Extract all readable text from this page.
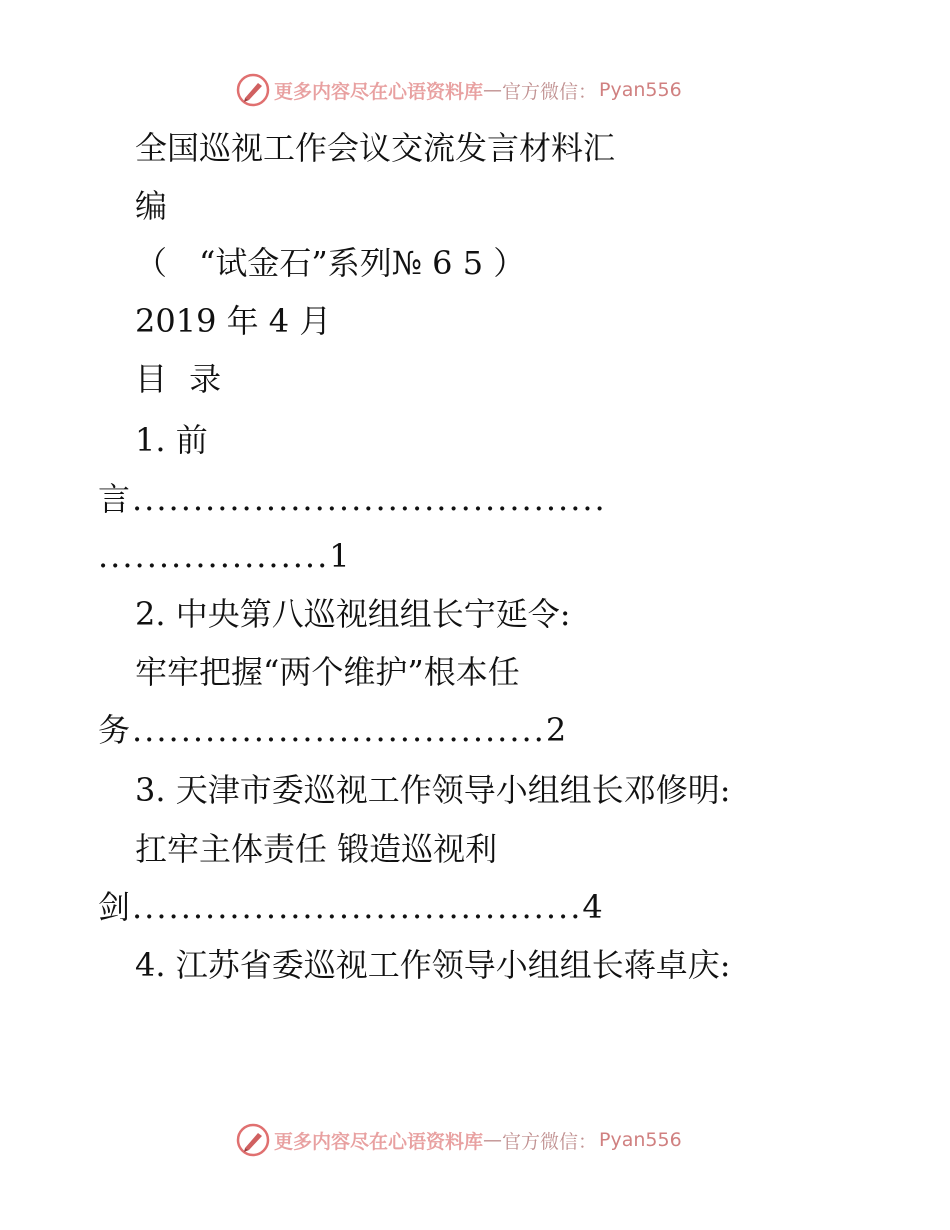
更多内容尽在心语资料库 — 官方微信： Pyan556
全国巡视工作会议交流发言材料汇
编
（　“试金石”系列№ 6 5 ）
2019 年 4 月
目 录
1. 前
言.......................................
...................1
2. 中央第八巡视组组长宁延令:
牢牢把握“两个维护”根本任
务..................................2
3. 天津市委巡视工作领导小组组长邓修明:
扛牢主体责任 锻造巡视利
剑.....................................4
4. 江苏省委巡视工作领导小组组长蒋卓庆:
更多内容尽在心语资料库 — 官方微信： Pyan556
